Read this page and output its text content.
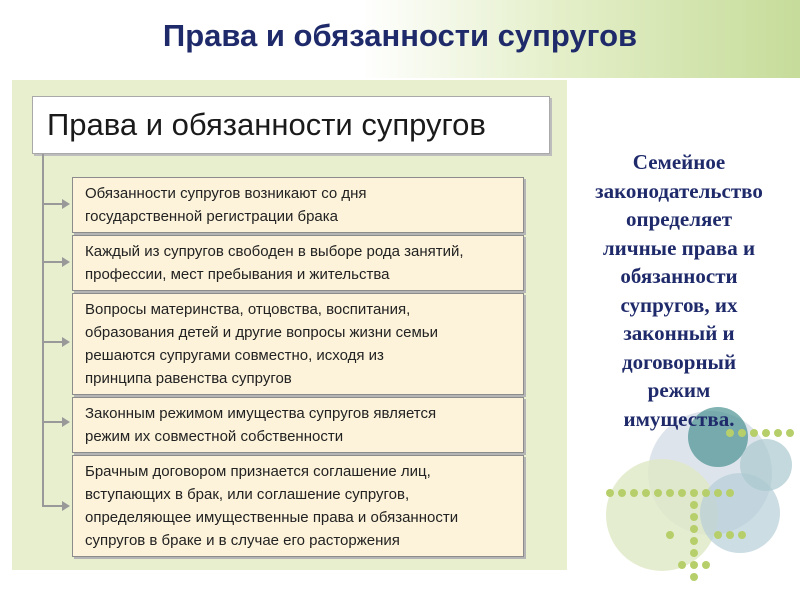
Права и обязанности супругов
Права и обязанности супругов
Обязанности супругов возникают со дня
государственной регистрации брака
Каждый из супругов свободен в выборе рода занятий,
профессии, мест пребывания и жительства
Вопросы материнства, отцовства, воспитания,
образования детей и другие вопросы жизни семьи
решаются супругами совместно, исходя из
принципа равенства супругов
Законным режимом имущества супругов является
режим их совместной собственности
Брачным договором признается соглашение лиц,
вступающих в брак, или соглашение супругов,
определяющее имущественные права и обязанности
супругов в браке и в случае его расторжения
Семейное
законодательство
определяет
личные права и
обязанности
супругов, их
законный и
договорный
режим
имущества.
